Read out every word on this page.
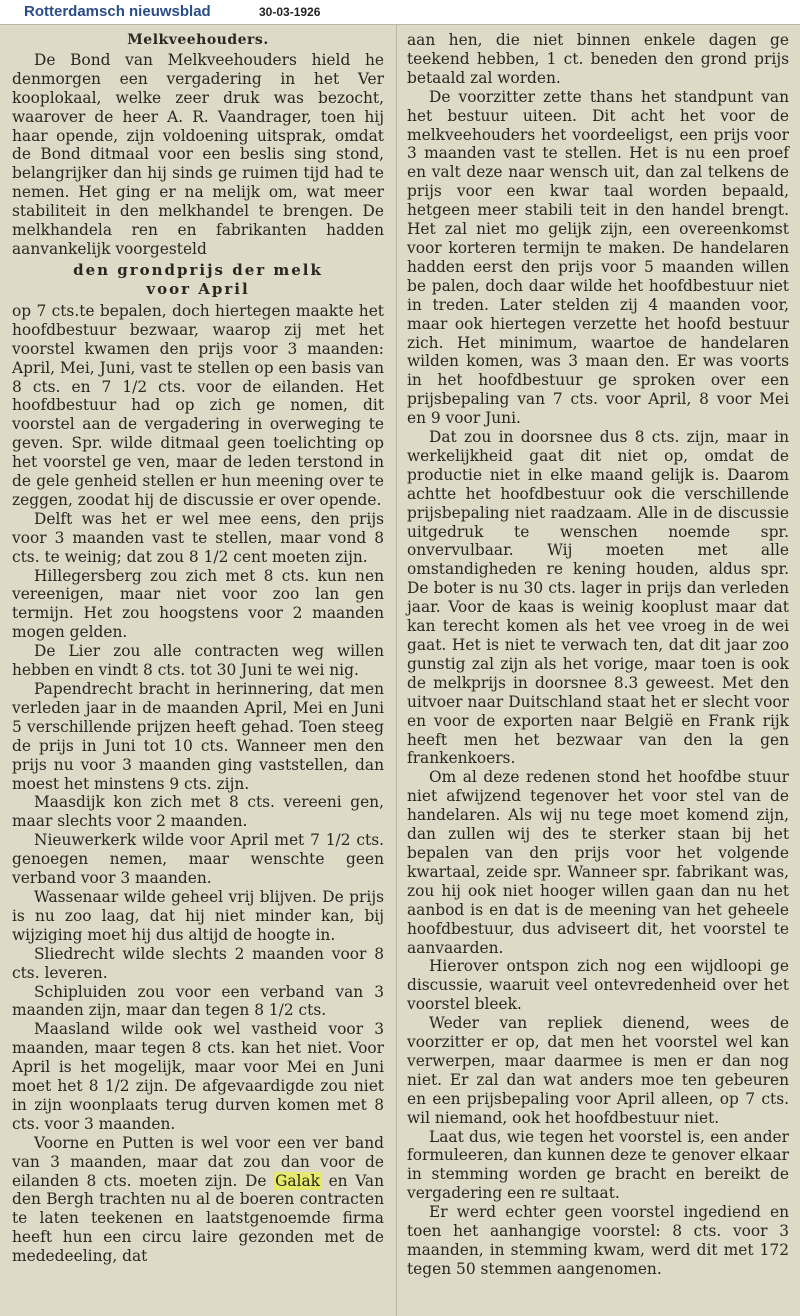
Rotterdamsch nieuwsblad	30-03-1926
Melkveehouders.

De Bond van Melkveehouders hield he denmorgen een vergadering in het Ver kooplokaal, welke zeer druk was bezocht, waarover de heer A. R. Vaandrager, toen hij haar opende, zijn voldoening uitsprak, omdat de Bond ditmaal voor een beslis sing stond, belangrijker dan hij sinds ge ruimen tijd had te nemen. Het ging er na melijk om, wat meer stabiliteit in den melkhandel te brengen. De melkhandela ren en fabrikanten hadden aanvankelijk voorgesteld

den grondprijs der melk
voor April

op 7 cts.te bepalen, doch hiertegen maakte het hoofdbestuur bezwaar, waarop zij met het voorstel kwamen den prijs voor 3 maanden: April, Mei, Juni, vast te stellen op een basis van 8 cts. en 7 1/2 cts. voor de eilanden. Het hoofdbestuur had op zich ge nomen, dit voorstel aan de vergadering in overweging te geven. Spr. wilde ditmaal geen toelichting op het voorstel ge ven, maar de leden terstond in de gele genheid stellen er hun meening over te zeggen, zoodat hij de discussie er over opende.

Delft was het er wel mee eens, den prijs voor 3 maanden vast te stellen, maar vond 8 cts. te weinig; dat zou 8 1/2 cent moeten zijn.

Hillegersberg zou zich met 8 cts. kun nen vereenigen, maar niet voor zoo lan gen termijn. Het zou hoogstens voor 2 maanden mogen gelden.

De Lier zou alle contracten weg willen hebben en vindt 8 cts. tot 30 Juni te wei nig.

Papendrecht bracht in herinnering, dat men verleden jaar in de maanden April, Mei en Juni 5 verschillende prijzen heeft gehad. Toen steeg de prijs in Juni tot 10 cts. Wanneer men den prijs nu voor 3 maanden ging vaststellen, dan moest het minstens 9 cts. zijn.

Maasdijk kon zich met 8 cts. vereeni gen, maar slechts voor 2 maanden.

Nieuwerkerk wilde voor April met 7 1/2 cts. genoegen nemen, maar wenschte geen verband voor 3 maanden.

Wassenaar wilde geheel vrij blijven. De prijs is nu zoo laag, dat hij niet minder kan, bij wijziging moet hij dus altijd de hoogte in.

Sliedrecht wilde slechts 2 maanden voor 8 cts. leveren.

Schipluiden zou voor een verband van 3 maanden zijn, maar dan tegen 8 1/2 cts.

Maasland wilde ook wel vastheid voor 3 maanden, maar tegen 8 cts. kan het niet. Voor April is het mogelijk, maar voor Mei en Juni moet het 8 1/2 zijn. De afgevaardigde zou niet in zijn woonplaats terug durven komen met 8 cts. voor 3 maanden.

Voorne en Putten is wel voor een ver band van 3 maanden, maar dat zou dan voor de eilanden 8 cts. moeten zijn. De Galak en Van den Bergh trachten nu al de boeren contracten te laten teekenen en laatstgenoemde firma heeft hun een circu laire gezonden met de mededeeling, dat

aan hen, die niet binnen enkele dagen ge teekend hebben, 1 ct. beneden den grond prijs betaald zal worden.

De voorzitter zette thans het standpunt van het bestuur uiteen. Dit acht het voor de melkveehouders het voordeeligst, een prijs voor 3 maanden vast te stellen. Het is nu een proef en valt deze naar wensch uit, dan zal telkens de prijs voor een kwar taal worden bepaald, hetgeen meer stabili teit in den handel brengt. Het zal niet mo gelijk zijn, een overeenkomst voor korteren termijn te maken. De handelaren hadden eerst den prijs voor 5 maanden willen be palen, doch daar wilde het hoofdbestuur niet in treden. Later stelden zij 4 maanden voor, maar ook hiertegen verzette het hoofd bestuur zich. Het minimum, waartoe de handelaren wilden komen, was 3 maan den. Er was voorts in het hoofdbestuur ge sproken over een prijsbepaling van 7 cts. voor April, 8 voor Mei en 9 voor Juni.

Dat zou in doorsnee dus 8 cts. zijn, maar in werkelijkheid gaat dit niet op, omdat de productie niet in elke maand gelijk is. Daarom achtte het hoofdbestuur ook die verschillende prijsbepaling niet raadzaam. Alle in de discussie uitgedruk te wenschen noemde spr. onvervulbaar. Wij moeten met alle omstandigheden re kening houden, aldus spr. De boter is nu 30 cts. lager in prijs dan verleden jaar. Voor de kaas is weinig kooplust maar dat kan terecht komen als het vee vroeg in de wei gaat. Het is niet te verwach ten, dat dit jaar zoo gunstig zal zijn als het vorige, maar toen is ook de melkprijs in doorsnee 8.3 geweest. Met den uitvoer naar Duitschland staat het er slecht voor en voor de exporten naar België en Frank rijk heeft men het bezwaar van den la gen frankenkoers.

Om al deze redenen stond het hoofdbe stuur niet afwijzend tegenover het voor stel van de handelaren. Als wij nu tege moet komend zijn, dan zullen wij des te sterker staan bij het bepalen van den prijs voor het volgende kwartaal, zeide spr. Wanneer spr. fabrikant was, zou hij ook niet hooger willen gaan dan nu het aanbod is en dat is de meening van het geheele hoofdbestuur, dus adviseert dit, het voorstel te aanvaarden.

Hierover ontspon zich nog een wijdloopi ge discussie, waaruit veel ontevredenheid over het voorstel bleek.

Weder van repliek dienend, wees de voorzitter er op, dat men het voorstel wel kan verwerpen, maar daarmee is men er dan nog niet. Er zal dan wat anders moe ten gebeuren en een prijsbepaling voor April alleen, op 7 cts. wil niemand, ook het hoofdbestuur niet.

Laat dus, wie tegen het voorstel is, een ander formuleeren, dan kunnen deze te genover elkaar in stemming worden ge bracht en bereikt de vergadering een re sultaat.

Er werd echter geen voorstel ingediend en toen het aanhangige voorstel: 8 cts. voor 3 maanden, in stemming kwam, werd dit met 172 tegen 50 stemmen aangenomen.
